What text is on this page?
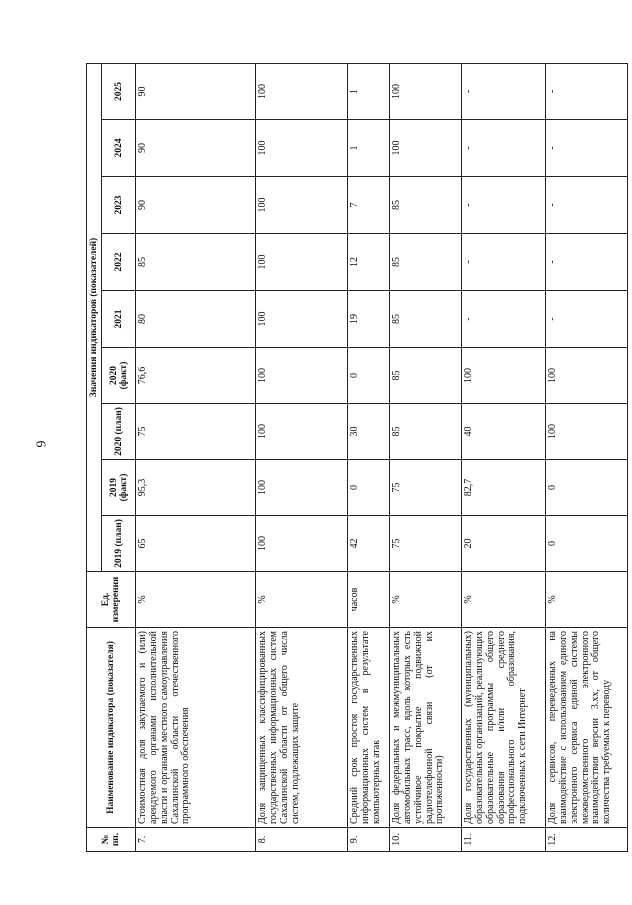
6
№ пп.	Наименование индикатора (показателя)	Ед. измерения	Значения индикаторов (показателей)								
			2019 (план)	2019 (факт)	2020 (план)	2020 (факт)	2021	2022	2023	2024	2025
7.	Стоимостная доля закупаемого и (или) арендуемого органами исполнительной власти и органами местного самоуправления Сахалинской области отечественного программного обеспечения	%	65	95,3	75	76,6	80	85	90	90	90
8.	Доля защищенных классифицированных государственных информационных систем Сахалинской области от общего числа систем, подлежащих защите	%	100	100	100	100	100	100	100	100	100
9.	Средний срок простоя государственных информационных систем в результате компьютерных атак	часов	42	0	30	0	19	12	7	1	1
10.	Доля федеральных и межмуниципальных автомобильных трасс, вдоль которых есть устойчивое покрытие подвижной радиотелефонной связи (от их протяженности)	%	75	75	85	85	85	85	85	100	100
11.	Доля государственных (муниципальных) образовательных организаций, реализующих образовательные программы общего образования и/или среднего профессионального образования, подключенных к сети Интернет	%	20	82,7	40	100	-	-	-	-	-
12.	Доля сервисов, переведенных на взаимодействие с использованием единого электронного сервиса единой системы межведомственного электронного взаимодействия версии 3.хх, от общего количества требуемых к переводу	%	0	0	100	100	-	-	-	-	-
